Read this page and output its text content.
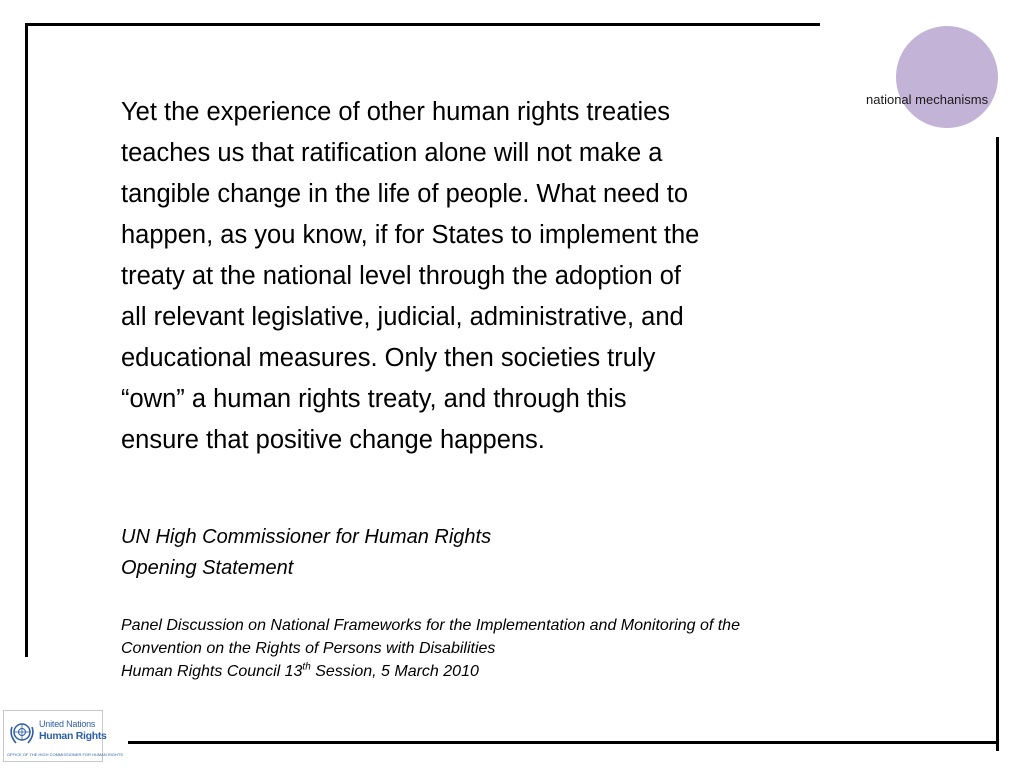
national mechanisms
Yet the experience of other human rights treaties
teaches us that ratification alone will not make a
tangible change in the life of people. What need to
happen, as you know, if for States to implement the
treaty at the national level through the adoption of
all relevant legislative, judicial, administrative, and
educational measures. Only then societies truly
“own” a human rights treaty, and through this
ensure that positive change happens.
UN High Commissioner for Human Rights
Opening Statement
Panel Discussion on National Frameworks for the Implementation and Monitoring of the
Convention on the Rights of Persons with Disabilities
Human Rights Council 13th Session, 5 March 2010
United Nations
Human Rights
OFFICE OF THE HIGH COMMISSIONER FOR HUMAN RIGHTS
